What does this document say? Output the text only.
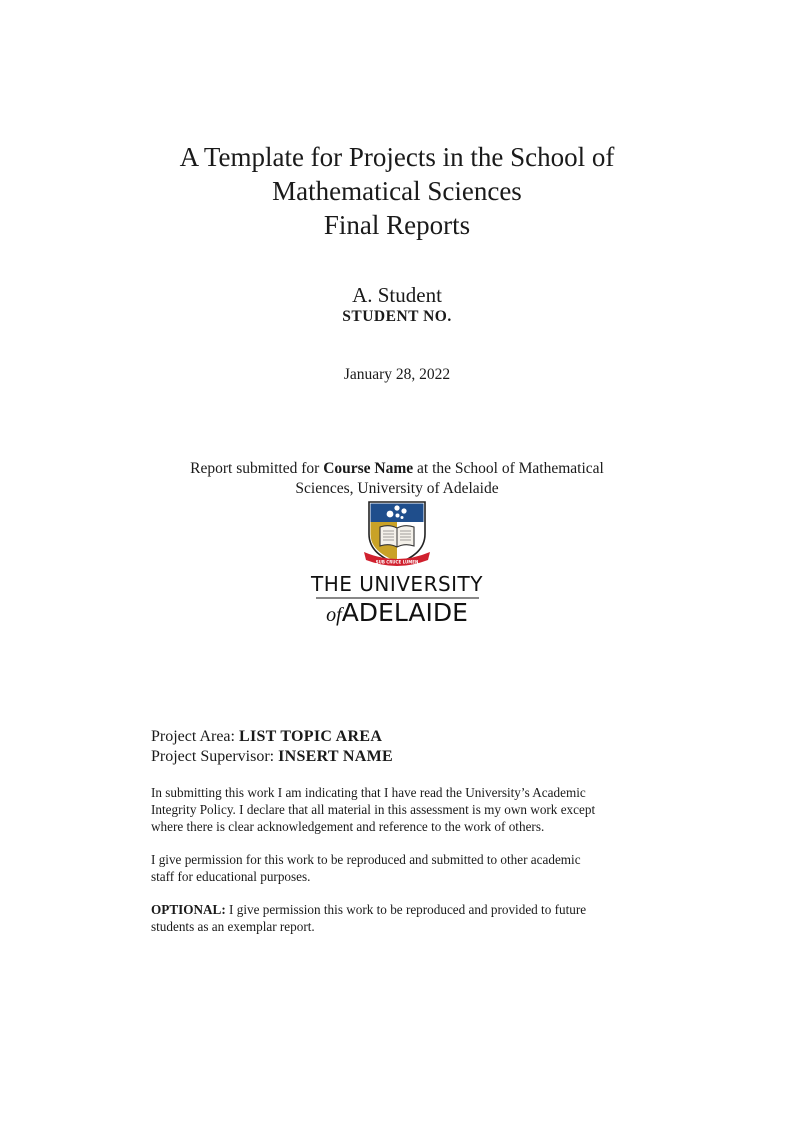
A Template for Projects in the School of
Mathematical Sciences
Final Reports
A. Student
STUDENT NO.
January 28, 2022
Report submitted for Course Name at the School of Mathematical
Sciences, University of Adelaide
SUB CRUCE LUMEN
THE UNIVERSITY
ofADELAIDE
Project Area: LIST TOPIC AREA
Project Supervisor: INSERT NAME
In submitting this work I am indicating that I have read the University’s Academic
Integrity Policy. I declare that all material in this assessment is my own work except
where there is clear acknowledgement and reference to the work of others.
I give permission for this work to be reproduced and submitted to other academic
staff for educational purposes.
OPTIONAL: I give permission this work to be reproduced and provided to future
students as an exemplar report.
